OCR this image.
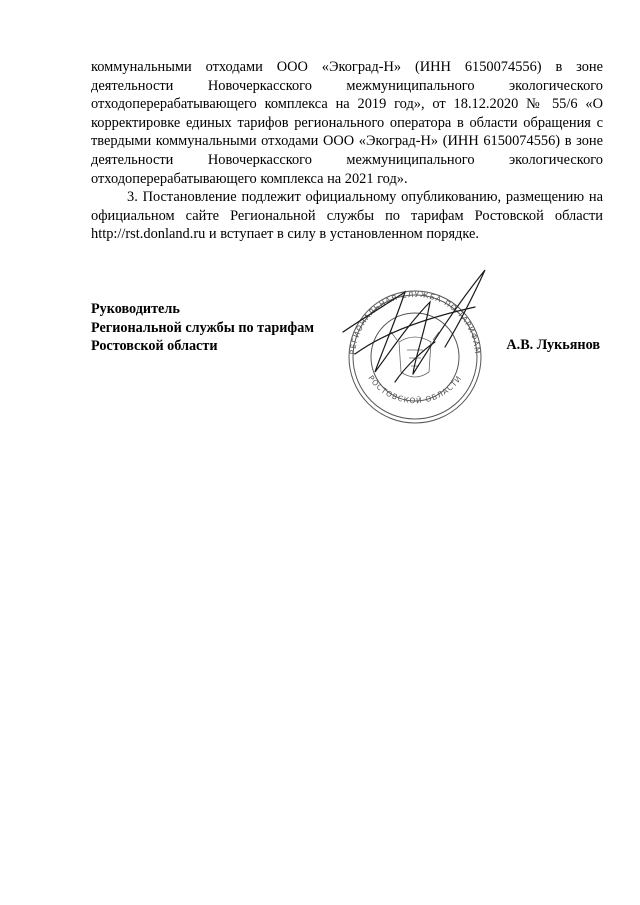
коммунальными отходами ООО «Экоград-Н» (ИНН 6150074556) в зоне деятельности Новочеркасского межмуниципального экологического отходоперерабатывающего комплекса на 2019 год», от 18.12.2020 № 55/6 «О корректировке единых тарифов регионального оператора в области обращения с твердыми коммунальными отходами ООО «Экоград-Н» (ИНН 6150074556) в зоне деятельности Новочеркасского межмуниципального экологического отходоперерабатывающего комплекса на 2021 год».

3. Постановление подлежит официальному опубликованию, размещению на официальном сайте Региональной службы по тарифам Ростовской области http://rst.donland.ru и вступает в силу в установленном порядке.

Руководитель
Региональной службы по тарифам
Ростовской области	РЕГИОНАЛЬНАЯ СЛУЖБА ПО ТАРИФАМ
РОСТОВСКОЙ ОБЛАСТИ
А.В. Лукьянов
